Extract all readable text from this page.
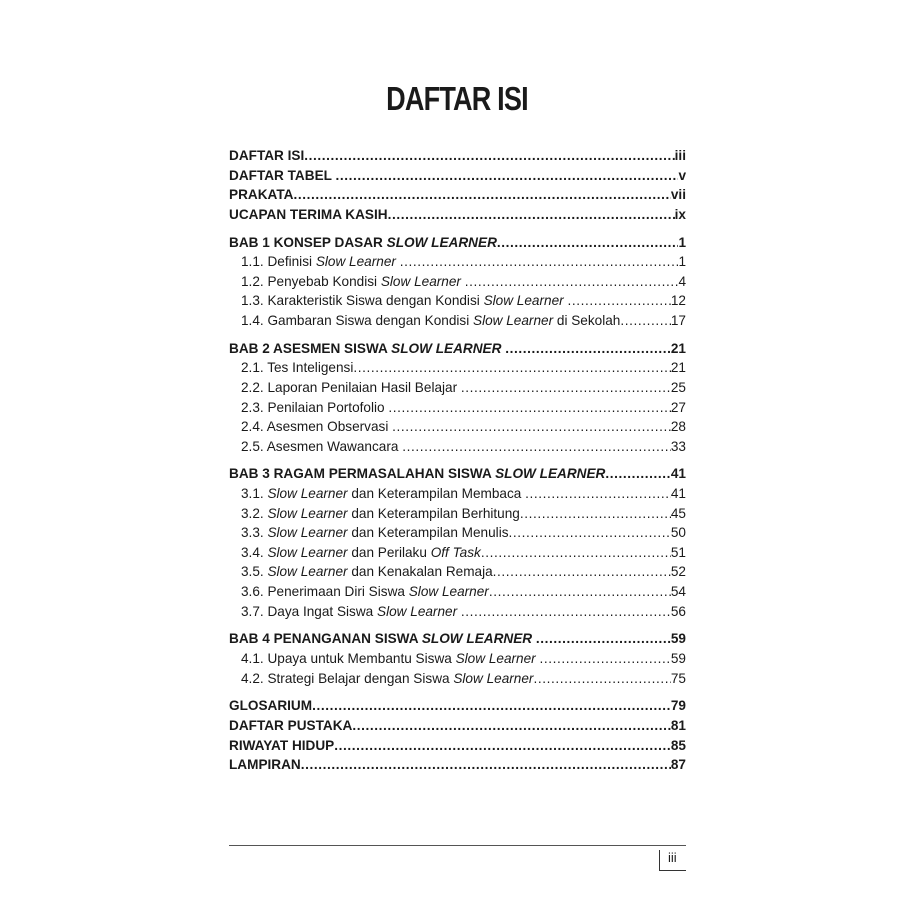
DAFTAR ISI
DAFTAR ISI .....	iii
DAFTAR TABEL .....	v
PRAKATA .....	vii
UCAPAN TERIMA KASIH .....	ix
BAB 1 KONSEP DASAR SLOW LEARNER .....	1
1.1. Definisi Slow Learner .....	1
1.2. Penyebab Kondisi Slow Learner .....	4
1.3. Karakteristik Siswa dengan Kondisi Slow Learner .....	12
1.4. Gambaran Siswa dengan Kondisi Slow Learner di Sekolah .....	17
BAB 2 ASESMEN SISWA SLOW LEARNER .....	21
2.1. Tes Inteligensi .....	21
2.2. Laporan Penilaian Hasil Belajar .....	25
2.3. Penilaian Portofolio .....	27
2.4. Asesmen Observasi .....	28
2.5. Asesmen Wawancara .....	33
BAB 3 RAGAM PERMASALAHAN SISWA SLOW LEARNER .....	41
3.1. Slow Learner dan Keterampilan Membaca .....	41
3.2. Slow Learner dan Keterampilan Berhitung .....	45
3.3. Slow Learner dan Keterampilan Menulis .....	50
3.4. Slow Learner dan Perilaku Off Task .....	51
3.5. Slow Learner dan Kenakalan Remaja .....	52
3.6. Penerimaan Diri Siswa Slow Learner .....	54
3.7. Daya Ingat Siswa Slow Learner .....	56
BAB 4 PENANGANAN SISWA SLOW LEARNER .....	59
4.1. Upaya untuk Membantu Siswa Slow Learner .....	59
4.2. Strategi Belajar dengan Siswa Slow Learner .....	75
GLOSARIUM .....	79
DAFTAR PUSTAKA .....	81
RIWAYAT HIDUP .....	85
LAMPIRAN .....	87
iii
